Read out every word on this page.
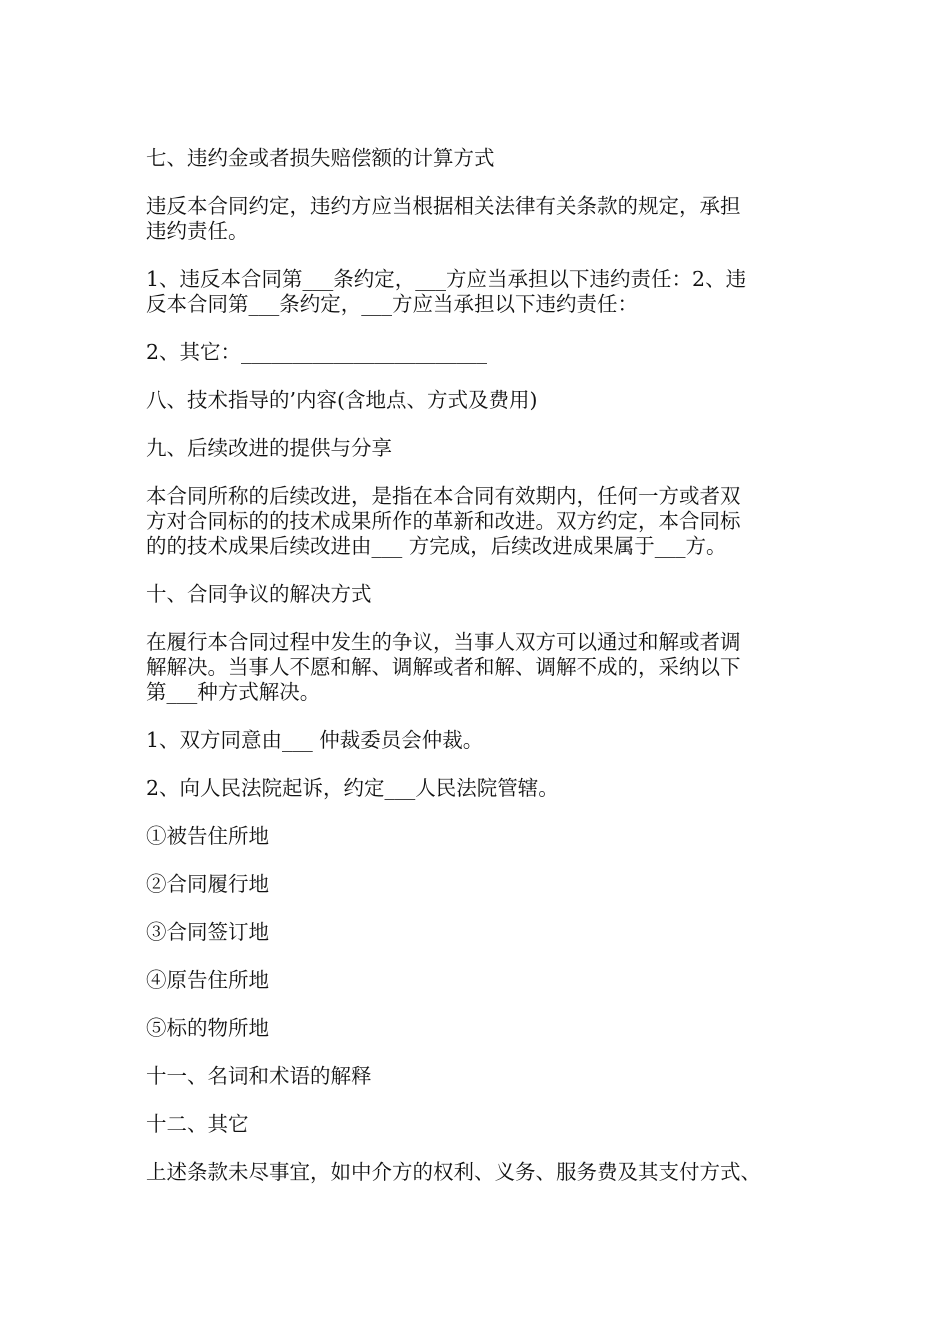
七、违约金或者损失赔偿额的计算方式

违反本合同约定，违约方应当根据相关法律有关条款的规定，承担
违约责任。

1、违反本合同第___条约定，___方应当承担以下违约责任：2、违
反本合同第___条约定，___方应当承担以下违约责任：

2、其它：________________________

八、技术指导的’内容(含地点、方式及费用)

九、后续改进的提供与分享

本合同所称的后续改进，是指在本合同有效期内，任何一方或者双
方对合同标的的技术成果所作的革新和改进。双方约定，本合同标
的的技术成果后续改进由___ 方完成，后续改进成果属于___方。

十、合同争议的解决方式

在履行本合同过程中发生的争议，当事人双方可以通过和解或者调
解解决。当事人不愿和解、调解或者和解、调解不成的，采纳以下
第___种方式解决。

1、双方同意由___ 仲裁委员会仲裁。

2、向人民法院起诉，约定___人民法院管辖。

①被告住所地

②合同履行地

③合同签订地

④原告住所地

⑤标的物所地

十一、名词和术语的解释

十二、其它

上述条款未尽事宜，如中介方的权利、义务、服务费及其支付方式、
